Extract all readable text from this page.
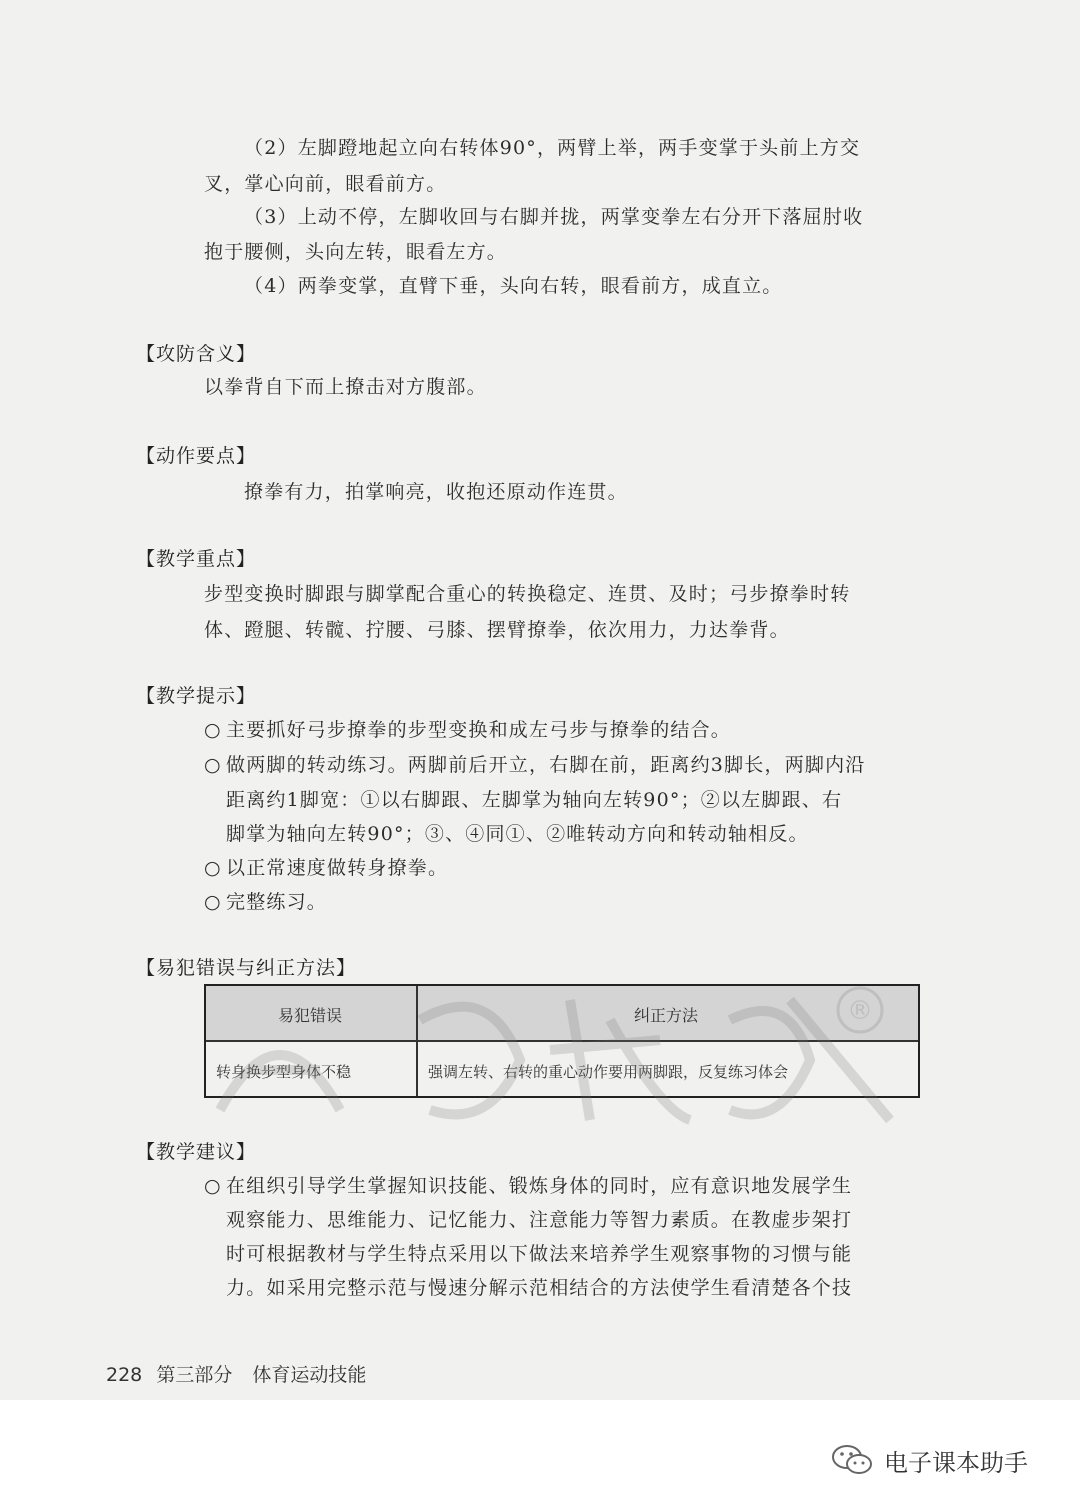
（2）左脚蹬地起立向右转体90°，两臂上举，两手变掌于头前上方交
叉，掌心向前，眼看前方。
（3）上动不停，左脚收回与右脚并拢，两掌变拳左右分开下落屈肘收
抱于腰侧，头向左转，眼看左方。
（4）两拳变掌，直臂下垂，头向右转，眼看前方，成直立。
【攻防含义】
以拳背自下而上撩击对方腹部。
【动作要点】
撩拳有力，拍掌响亮，收抱还原动作连贯。
【教学重点】
步型变换时脚跟与脚掌配合重心的转换稳定、连贯、及时；弓步撩拳时转
体、蹬腿、转髋、拧腰、弓膝、摆臂撩拳，依次用力，力达拳背。
【教学提示】
○ 主要抓好弓步撩拳的步型变换和成左弓步与撩拳的结合。
○ 做两脚的转动练习。两脚前后开立，右脚在前，距离约3脚长，两脚内沿
距离约1脚宽：①以右脚跟、左脚掌为轴向左转90°；②以左脚跟、右
脚掌为轴向左转90°；③、④同①、②唯转动方向和转动轴相反。
○ 以正常速度做转身撩拳。
○ 完整练习。
【易犯错误与纠正方法】
易犯错误	纠正方法
转身换步型身体不稳	强调左转、右转的重心动作要用两脚跟，反复练习体会
®
【教学建议】
○ 在组织引导学生掌握知识技能、锻炼身体的同时，应有意识地发展学生
观察能力、思维能力、记忆能力、注意能力等智力素质。在教虚步架打
时可根据教材与学生特点采用以下做法来培养学生观察事物的习惯与能
力。如采用完整示范与慢速分解示范相结合的方法使学生看清楚各个技
228 第三部分 体育运动技能
电子课本助手
